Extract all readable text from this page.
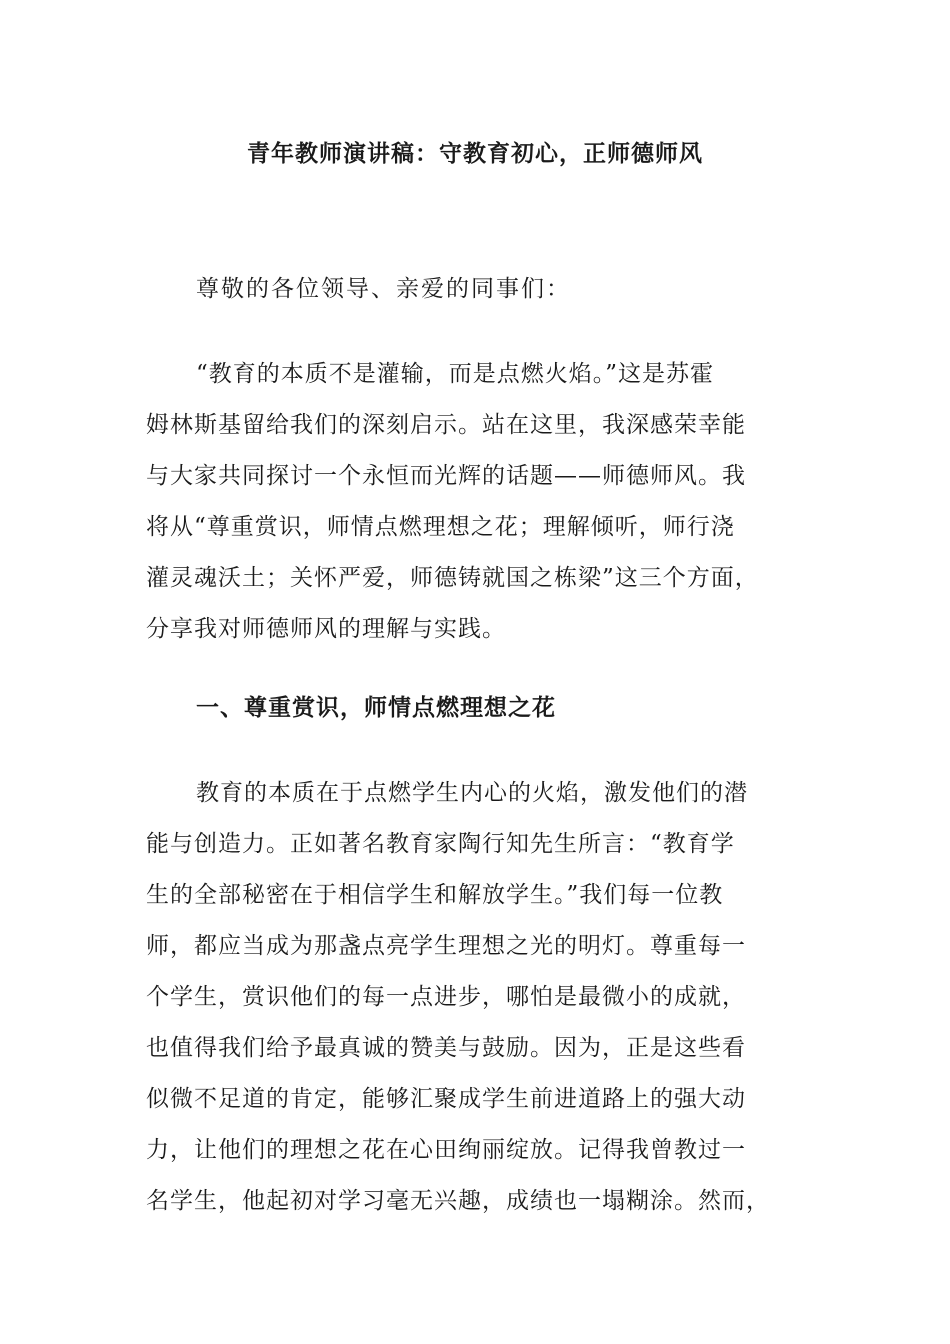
青年教师演讲稿：守教育初心，正师德师风
尊敬的各位领导、亲爱的同事们：
“教育的本质不是灌输，而是点燃火焰。”这是苏霍
姆林斯基留给我们的深刻启示。站在这里，我深感荣幸能
与大家共同探讨一个永恒而光辉的话题——师德师风。我
将从“尊重赏识，师情点燃理想之花；理解倾听，师行浇
灌灵魂沃土；关怀严爱，师德铸就国之栋梁”这三个方面，
分享我对师德师风的理解与实践。
一、尊重赏识，师情点燃理想之花
教育的本质在于点燃学生内心的火焰，激发他们的潜
能与创造力。正如著名教育家陶行知先生所言：“教育学
生的全部秘密在于相信学生和解放学生。”我们每一位教
师，都应当成为那盏点亮学生理想之光的明灯。尊重每一
个学生，赏识他们的每一点进步，哪怕是最微小的成就，
也值得我们给予最真诚的赞美与鼓励。因为，正是这些看
似微不足道的肯定，能够汇聚成学生前进道路上的强大动
力，让他们的理想之花在心田绚丽绽放。记得我曾教过一
名学生，他起初对学习毫无兴趣，成绩也一塌糊涂。然而，
